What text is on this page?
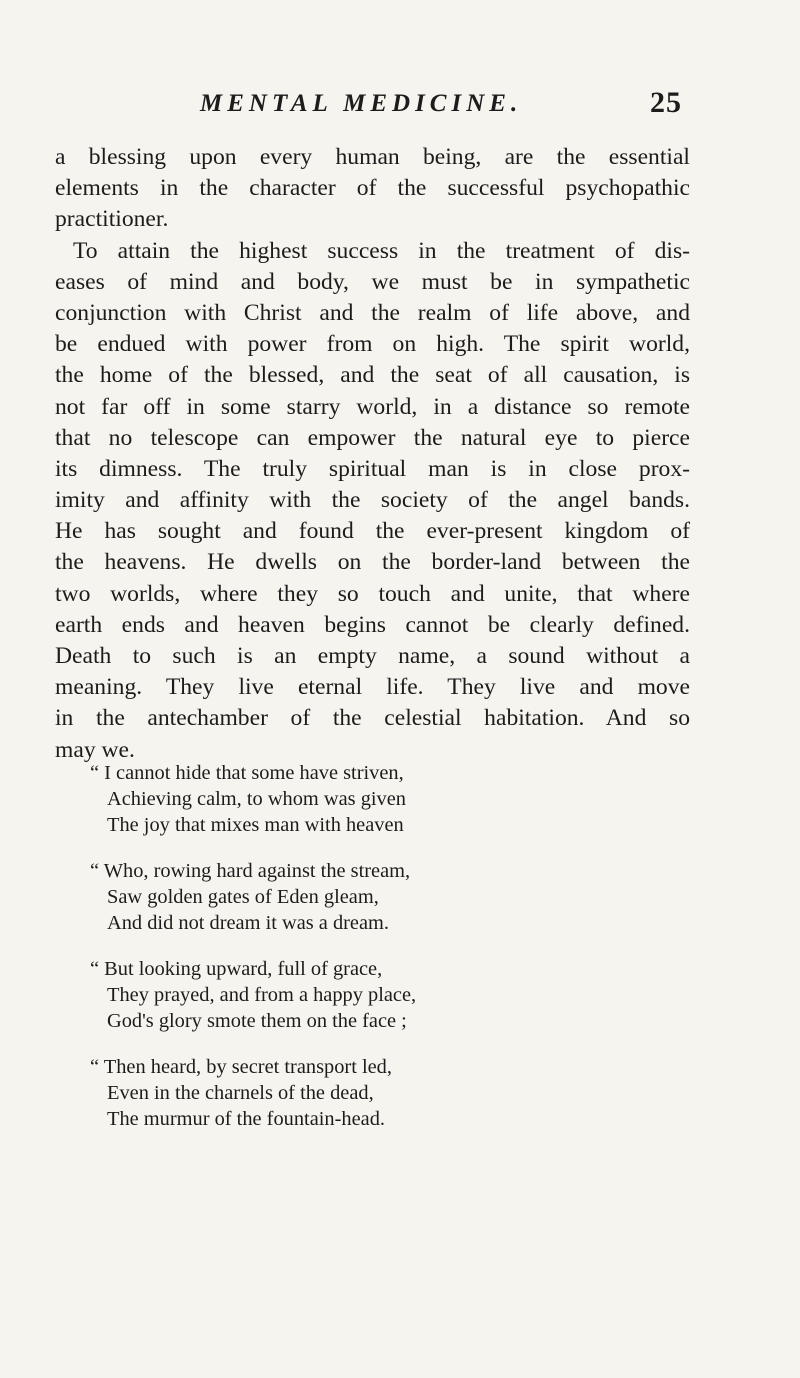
MENTAL MEDICINE.	25
a blessing upon every human being, are the essential
elements in the character of the successful psychopathic
practitioner.
To attain the highest success in the treatment of dis-
eases of mind and body, we must be in sympathetic
conjunction with Christ and the realm of life above, and
be endued with power from on high. The spirit world,
the home of the blessed, and the seat of all causation, is
not far off in some starry world, in a distance so remote
that no telescope can empower the natural eye to pierce
its dimness. The truly spiritual man is in close prox-
imity and affinity with the society of the angel bands.
He has sought and found the ever-present kingdom of
the heavens. He dwells on the border-land between the
two worlds, where they so touch and unite, that where
earth ends and heaven begins cannot be clearly defined.
Death to such is an empty name, a sound without a
meaning. They live eternal life. They live and move
in the antechamber of the celestial habitation. And so
may we.
“ I cannot hide that some have striven,
Achieving calm, to whom was given
The joy that mixes man with heaven
“ Who, rowing hard against the stream,
Saw golden gates of Eden gleam,
And did not dream it was a dream.
“ But looking upward, full of grace,
They prayed, and from a happy place,
God's glory smote them on the face ;
“ Then heard, by secret transport led,
Even in the charnels of the dead,
The murmur of the fountain-head.
